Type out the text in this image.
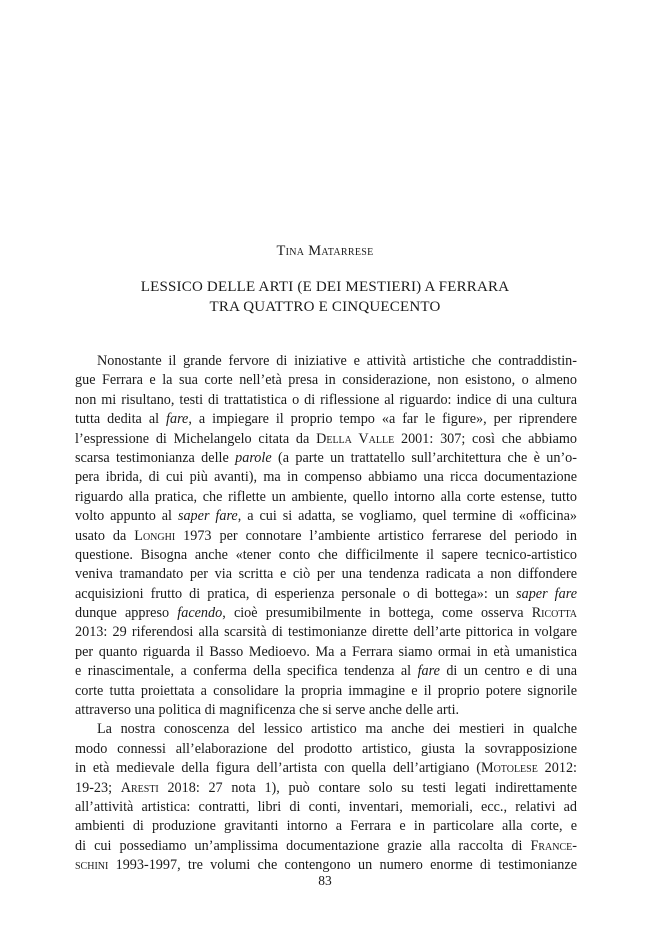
Tina Matarrese
LESSICO DELLE ARTI (E DEI MESTIERI) A FERRARA
TRA QUATTRO E CINQUECENTO
Nonostante il grande fervore di iniziative e attività artistiche che contraddistin-
gue Ferrara e la sua corte nell’età presa in considerazione, non esistono, o almeno
non mi risultano, testi di trattatistica o di riflessione al riguardo: indice di una cultura
tutta dedita al fare, a impiegare il proprio tempo «a far le figure», per riprendere
l’espressione di Michelangelo citata da Della Valle 2001: 307; così che abbiamo
scarsa testimonianza delle parole (a parte un trattatello sull’architettura che è un’o-
pera ibrida, di cui più avanti), ma in compenso abbiamo una ricca documentazione
riguardo alla pratica, che riflette un ambiente, quello intorno alla corte estense, tutto
volto appunto al saper fare, a cui si adatta, se vogliamo, quel termine di «officina»
usato da Longhi 1973 per connotare l’ambiente artistico ferrarese del periodo in
questione. Bisogna anche «tener conto che difficilmente il sapere tecnico-artistico
veniva tramandato per via scritta e ciò per una tendenza radicata a non diffondere
acquisizioni frutto di pratica, di esperienza personale o di bottega»: un saper fare
dunque appreso facendo, cioè presumibilmente in bottega, come osserva Ricotta
2013: 29 riferendosi alla scarsità di testimonianze dirette dell’arte pittorica in volgare
per quanto riguarda il Basso Medioevo. Ma a Ferrara siamo ormai in età umanistica
e rinascimentale, a conferma della specifica tendenza al fare di un centro e di una
corte tutta proiettata a consolidare la propria immagine e il proprio potere signorile
attraverso una politica di magnificenza che si serve anche delle arti.
La nostra conoscenza del lessico artistico ma anche dei mestieri in qualche
modo connessi all’elaborazione del prodotto artistico, giusta la sovrapposizione
in età medievale della figura dell’artista con quella dell’artigiano (Motolese 2012:
19-23; Aresti 2018: 27 nota 1), può contare solo su testi legati indirettamente
all’attività artistica: contratti, libri di conti, inventari, memoriali, ecc., relativi ad
ambienti di produzione gravitanti intorno a Ferrara e in particolare alla corte, e
di cui possediamo un’amplissima documentazione grazie alla raccolta di France-
schini 1993-1997, tre volumi che contengono un numero enorme di testimonianze
83
